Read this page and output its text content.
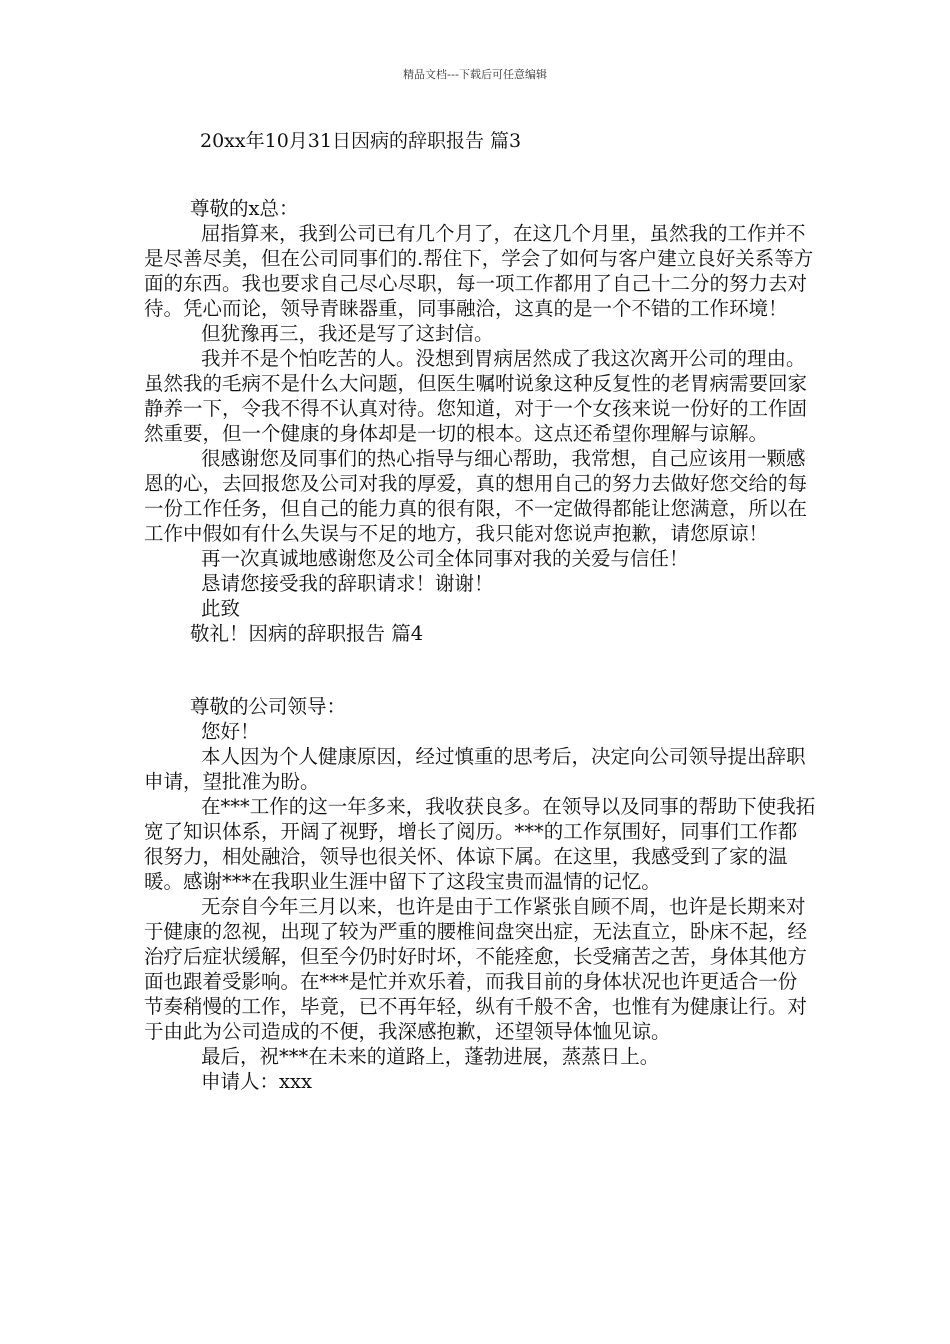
精品文档---下载后可任意编辑
20xx年10月31日因病的辞职报告 篇3
尊敬的x总：
屈指算来，我到公司已有几个月了，在这几个月里，虽然我的工作并不是尽善尽美，但在公司同事们的.帮住下，学会了如何与客户建立良好关系等方面的东西。我也要求自己尽心尽职，每一项工作都用了自己十二分的努力去对待。凭心而论，领导青睐器重，同事融洽，这真的是一个不错的工作环境！
但犹豫再三，我还是写了这封信。
我并不是个怕吃苦的人。没想到胃病居然成了我这次离开公司的理由。虽然我的毛病不是什么大问题，但医生嘱咐说象这种反复性的老胃病需要回家静养一下，令我不得不认真对待。您知道，对于一个女孩来说一份好的工作固然重要，但一个健康的身体却是一切的根本。这点还希望你理解与谅解。
很感谢您及同事们的热心指导与细心帮助，我常想，自己应该用一颗感恩的心，去回报您及公司对我的厚爱，真的想用自己的努力去做好您交给的每一份工作任务，但自己的能力真的很有限，不一定做得都能让您满意，所以在工作中假如有什么失误与不足的地方，我只能对您说声抱歉，请您原谅！
再一次真诚地感谢您及公司全体同事对我的关爱与信任！
恳请您接受我的辞职请求！谢谢！
此致
敬礼！因病的辞职报告 篇4
尊敬的公司领导：
您好！
本人因为个人健康原因，经过慎重的思考后，决定向公司领导提出辞职申请，望批准为盼。
在***工作的这一年多来，我收获良多。在领导以及同事的帮助下使我拓宽了知识体系，开阔了视野，增长了阅历。***的工作氛围好，同事们工作都很努力，相处融洽，领导也很关怀、体谅下属。在这里，我感受到了家的温暖。感谢***在我职业生涯中留下了这段宝贵而温情的记忆。
无奈自今年三月以来，也许是由于工作紧张自顾不周，也许是长期来对于健康的忽视，出现了较为严重的腰椎间盘突出症，无法直立，卧床不起，经治疗后症状缓解，但至今仍时好时坏，不能痊愈，长受痛苦之苦，身体其他方面也跟着受影响。在***是忙并欢乐着，而我目前的身体状况也许更适合一份节奏稍慢的工作，毕竟，已不再年轻，纵有千般不舍，也惟有为健康让行。对于由此为公司造成的不便，我深感抱歉，还望领导体恤见谅。
最后，祝***在未来的道路上，蓬勃进展，蒸蒸日上。
申请人：xxx
